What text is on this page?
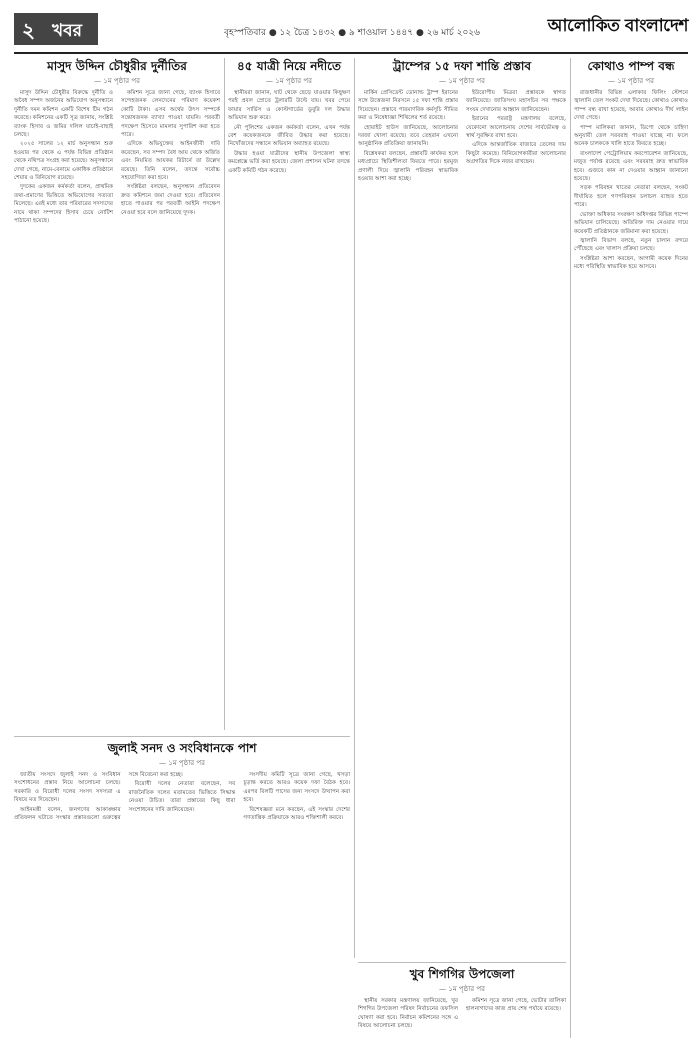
২ খবর	বৃহস্পতিবার ● ১২ চৈত্র ১৪৩২ ● ৯ শাওয়াল ১৪৪৭ ● ২৬ মার্চ ২০২৬	আলোকিত বাংলাদেশ
মাসুদ উদ্দিন চৌধুরীর দুর্নীতির
— ১ম পৃষ্ঠার পর

মাসুদ উদ্দিন চৌধুরীর বিরুদ্ধে দুর্নীতি ও অবৈধ সম্পদ অর্জনের অভিযোগ অনুসন্ধানে দুর্নীতি দমন কমিশন একটি বিশেষ টিম গঠন করেছে। কমিশনের একটি সূত্র জানায়, সংশ্লিষ্ট ব্যাংক হিসাব ও জমির দলিল যাচাই-বাছাই চলছে।

২০২৫ সালের ১২ মার্চ অনুসন্ধান শুরু হওয়ার পর থেকে এ পর্যন্ত বিভিন্ন প্রতিষ্ঠান থেকে নথিপত্র সংগ্রহ করা হয়েছে। অনুসন্ধানে দেখা গেছে, নামে-বেনামে একাধিক প্রতিষ্ঠানে শেয়ার ও বিনিয়োগ রয়েছে।

দুদকের একজন কর্মকর্তা বলেন, প্রাথমিক তথ্য-প্রমাণের ভিত্তিতে অভিযোগের সত্যতা মিলেছে। এরই মধ্যে তার পরিবারের সদস্যদের নামে থাকা সম্পদের হিসাব চেয়ে নোটিশ পাঠানো হয়েছে।

কমিশন সূত্রে জানা গেছে, ব্যাংক হিসাবে সন্দেহজনক লেনদেনের পরিমাণ কয়েকশ কোটি টাকা। এসব অর্থের উৎস সম্পর্কে সন্তোষজনক ব্যাখ্যা পাওয়া যায়নি। পরবর্তী পদক্ষেপ হিসেবে মামলার সুপারিশ করা হতে পারে।

এদিকে অভিযুক্তের আইনজীবী দাবি করেছেন, সব সম্পদ বৈধ আয় থেকে অর্জিত এবং নিয়মিত আয়কর রিটার্নে তা উল্লেখ রয়েছে। তিনি বলেন, তদন্তে সর্বোচ্চ সহযোগিতা করা হবে।

সংশ্লিষ্টরা বলছেন, অনুসন্ধান প্রতিবেদন দ্রুত কমিশনে জমা দেওয়া হবে। প্রতিবেদন হাতে পাওয়ার পর পরবর্তী আইনি পদক্ষেপ নেওয়া হবে বলে জানিয়েছে দুদক।

৪৫ যাত্রী নিয়ে নদীতে
— ১ম পৃষ্ঠার পর

স্থানীয়রা জানান, ঘাট থেকে ছেড়ে যাওয়ার কিছুক্ষণ পরই প্রবল স্রোতে ট্রলারটি উল্টে যায়। খবর পেয়ে ফায়ার সার্ভিস ও কোস্টগার্ডের ডুবুরি দল উদ্ধার অভিযান শুরু করে।

নৌ পুলিশের একজন কর্মকর্তা বলেন, এখন পর্যন্ত বেশ কয়েকজনকে জীবিত উদ্ধার করা হয়েছে। নিখোঁজদের সন্ধানে অভিযান অব্যাহত রয়েছে।

উদ্ধার হওয়া যাত্রীদের স্থানীয় উপজেলা স্বাস্থ্য কমপ্লেক্সে ভর্তি করা হয়েছে। জেলা প্রশাসন ঘটনা তদন্তে একটি কমিটি গঠন করেছে।

ট্রাম্পের ১৫ দফা শান্তি প্রস্তাব
— ১ম পৃষ্ঠার পর

মার্কিন প্রেসিডেন্ট ডোনাল্ড ট্রাম্প ইরানের সঙ্গে উত্তেজনা নিরসনে ১৫ দফা শান্তি প্রস্তাব দিয়েছেন। প্রস্তাবে পারমাণবিক কর্মসূচি সীমিত করা ও নিষেধাজ্ঞা শিথিলের শর্ত রয়েছে।

হোয়াইট হাউস জানিয়েছে, আলোচনার দরজা খোলা রয়েছে। তবে তেহরান এখনো আনুষ্ঠানিক প্রতিক্রিয়া জানায়নি।

বিশ্লেষকরা বলছেন, প্রস্তাবটি কার্যকর হলে মধ্যপ্রাচ্যে স্থিতিশীলতা ফিরতে পারে। হরমুজ প্রণালী দিয়ে জ্বালানি পরিবহন স্বাভাবিক হওয়ার আশা করা হচ্ছে।

ইউরোপীয় মিত্ররা প্রস্তাবকে স্বাগত জানিয়েছে। জাতিসংঘ মহাসচিব সব পক্ষকে সংযম দেখানোর আহ্বান জানিয়েছেন।

ইরানের পররাষ্ট্র মন্ত্রণালয় বলেছে, যেকোনো আলোচনায় দেশের সার্বভৌমত্ব ও স্বার্থ সুরক্ষিত রাখা হবে।

এদিকে আন্তর্জাতিক বাজারে তেলের দাম কিছুটা কমেছে। বিনিয়োগকারীরা আলোচনার অগ্রগতির দিকে নজর রাখছেন।

কোথাও পাম্প বন্ধ
— ১ম পৃষ্ঠার পর

রাজধানীর বিভিন্ন এলাকার ফিলিং স্টেশনে জ্বালানি তেল সংকট দেখা দিয়েছে। কোথাও কোথাও পাম্প বন্ধ রাখা হয়েছে, আবার কোথাও দীর্ঘ লাইন দেখা গেছে।

পাম্প মালিকরা জানান, ডিপো থেকে চাহিদা অনুযায়ী তেল সরবরাহ পাওয়া যাচ্ছে না। ফলে অনেক চালককে খালি হাতে ফিরতে হচ্ছে।

বাংলাদেশ পেট্রোলিয়াম করপোরেশন জানিয়েছে, মজুত পর্যাপ্ত রয়েছে এবং সরবরাহ দ্রুত স্বাভাবিক হবে। গুজবে কান না দেওয়ার আহ্বান জানানো হয়েছে।

সড়ক পরিবহন খাতের নেতারা বলছেন, সংকট দীর্ঘায়িত হলে গণপরিবহন চলাচল ব্যাহত হতে পারে।

ভোক্তা অধিকার সংরক্ষণ অধিদপ্তর বিভিন্ন পাম্পে অভিযান চালিয়েছে। অতিরিক্ত দাম নেওয়ার দায়ে কয়েকটি প্রতিষ্ঠানকে জরিমানা করা হয়েছে।

জ্বালানি বিভাগ বলছে, নতুন চালান বন্দরে পৌঁছেছে এবং খালাস প্রক্রিয়া চলছে।

সংশ্লিষ্টরা আশা করছেন, আগামী কয়েক দিনের মধ্যে পরিস্থিতি স্বাভাবিক হয়ে আসবে।

জুলাই সনদ ও সংবিধানকে পাশ
— ১ম পৃষ্ঠার পর

জাতীয় সংসদে জুলাই সনদ ও সংবিধান সংশোধনের প্রস্তাব নিয়ে আলোচনা চলছে। সরকারি ও বিরোধী দলের সংসদ সদস্যরা এ বিষয়ে মত দিয়েছেন।

আইনমন্ত্রী বলেন, জনগণের আকাঙ্ক্ষার প্রতিফলন ঘটাতে সংস্কার প্রস্তাবগুলো গুরুত্বের সঙ্গে বিবেচনা করা হচ্ছে।

বিরোধী দলের নেতারা বলেছেন, সব রাজনৈতিক দলের মতামতের ভিত্তিতে সিদ্ধান্ত নেওয়া উচিত। তারা প্রস্তাবের কিছু ধারা সংশোধনের দাবি জানিয়েছেন।

সংসদীয় কমিটি সূত্রে জানা গেছে, খসড়া চূড়ান্ত করতে আরও কয়েক দফা বৈঠক হবে। এরপর বিলটি পাসের জন্য সংসদে উত্থাপন করা হবে।

বিশেষজ্ঞরা মনে করছেন, এই সংস্কার দেশের গণতান্ত্রিক প্রক্রিয়াকে আরও শক্তিশালী করবে।

খুব শিগগির উপজেলা
— ১ম পৃষ্ঠার পর

স্থানীয় সরকার মন্ত্রণালয় জানিয়েছে, খুব শিগগির উপজেলা পরিষদ নির্বাচনের তফসিল ঘোষণা করা হবে। নির্বাচন কমিশনের সঙ্গে এ বিষয়ে আলোচনা চলছে।

কমিশন সূত্রে জানা গেছে, ভোটার তালিকা হালনাগাদের কাজ প্রায় শেষ পর্যায়ে রয়েছে।
